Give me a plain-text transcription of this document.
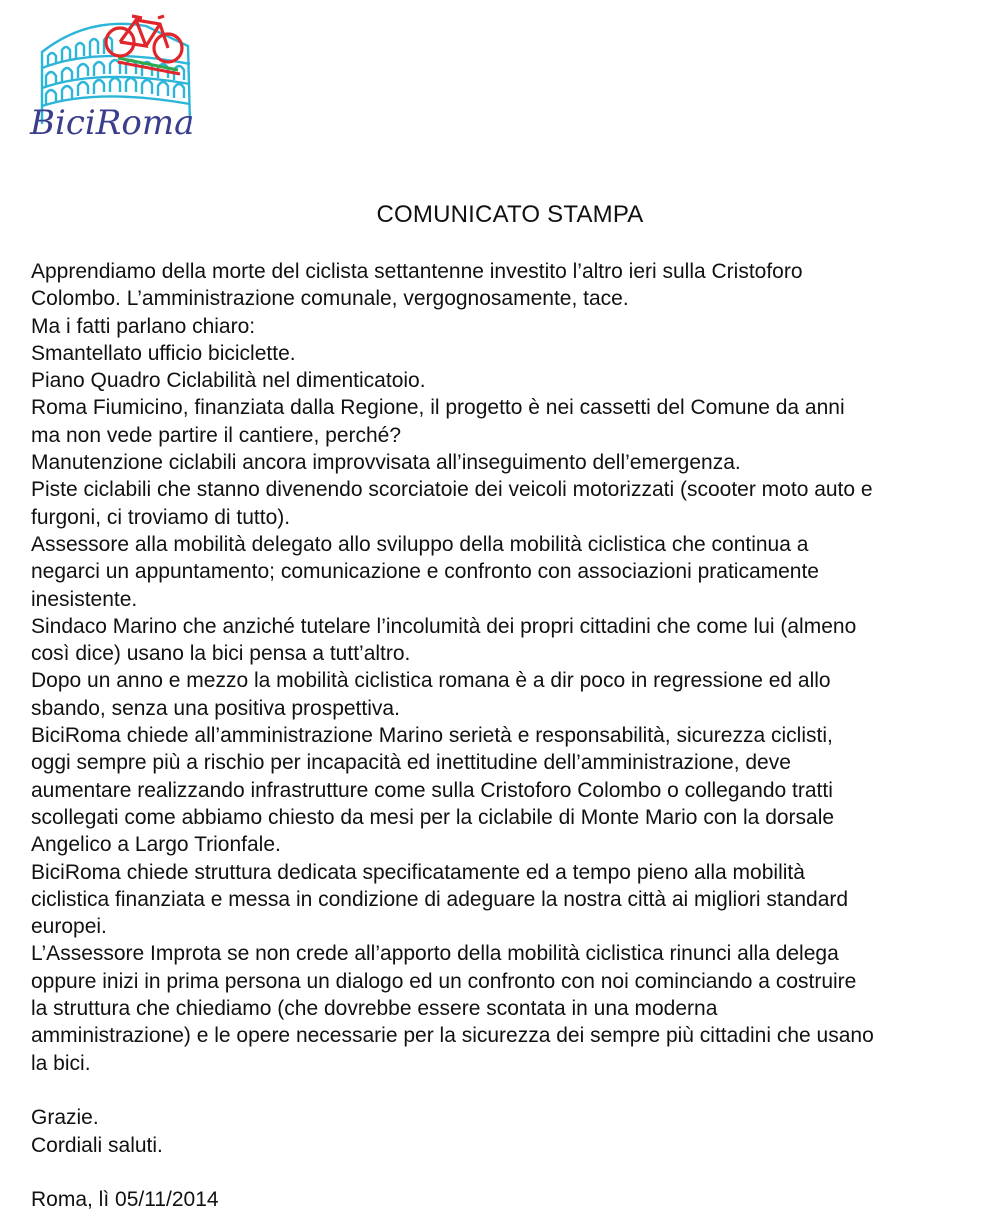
BiciRoma
COMUNICATO STAMPA
Apprendiamo della morte del ciclista settantenne investito l’altro ieri sulla Cristoforo
Colombo. L’amministrazione comunale, vergognosamente, tace.
Ma i fatti parlano chiaro:
Smantellato ufficio biciclette.
Piano Quadro Ciclabilità nel dimenticatoio.
Roma Fiumicino, finanziata dalla Regione, il progetto è nei cassetti del Comune da anni
ma non vede partire il cantiere, perché?
Manutenzione ciclabili ancora improvvisata all’inseguimento dell’emergenza.
Piste ciclabili che stanno divenendo scorciatoie dei veicoli motorizzati (scooter moto auto e
furgoni, ci troviamo di tutto).
Assessore alla mobilità delegato allo sviluppo della mobilità ciclistica che continua a
negarci un appuntamento; comunicazione e confronto con associazioni praticamente
inesistente.
Sindaco Marino che anziché tutelare l’incolumità dei propri cittadini che come lui (almeno
così dice) usano la bici pensa a tutt’altro.
Dopo un anno e mezzo la mobilità ciclistica romana è a dir poco in regressione ed allo
sbando, senza una positiva prospettiva.
BiciRoma chiede all’amministrazione Marino serietà e responsabilità, sicurezza ciclisti,
oggi sempre più a rischio per incapacità ed inettitudine dell’amministrazione, deve
aumentare realizzando infrastrutture come sulla Cristoforo Colombo o collegando tratti
scollegati come abbiamo chiesto da mesi per la ciclabile di Monte Mario con la dorsale
Angelico a Largo Trionfale.
BiciRoma chiede struttura dedicata specificatamente ed a tempo pieno alla mobilità
ciclistica finanziata e messa in condizione di adeguare la nostra città ai migliori standard
europei.
L’Assessore Improta se non crede all’apporto della mobilità ciclistica rinunci alla delega
oppure inizi in prima persona un dialogo ed un confronto con noi cominciando a costruire
la struttura che chiediamo (che dovrebbe essere scontata in una moderna
amministrazione) e le opere necessarie per la sicurezza dei sempre più cittadini che usano
la bici.
Grazie.
Cordiali saluti.
Roma, lì 05/11/2014
